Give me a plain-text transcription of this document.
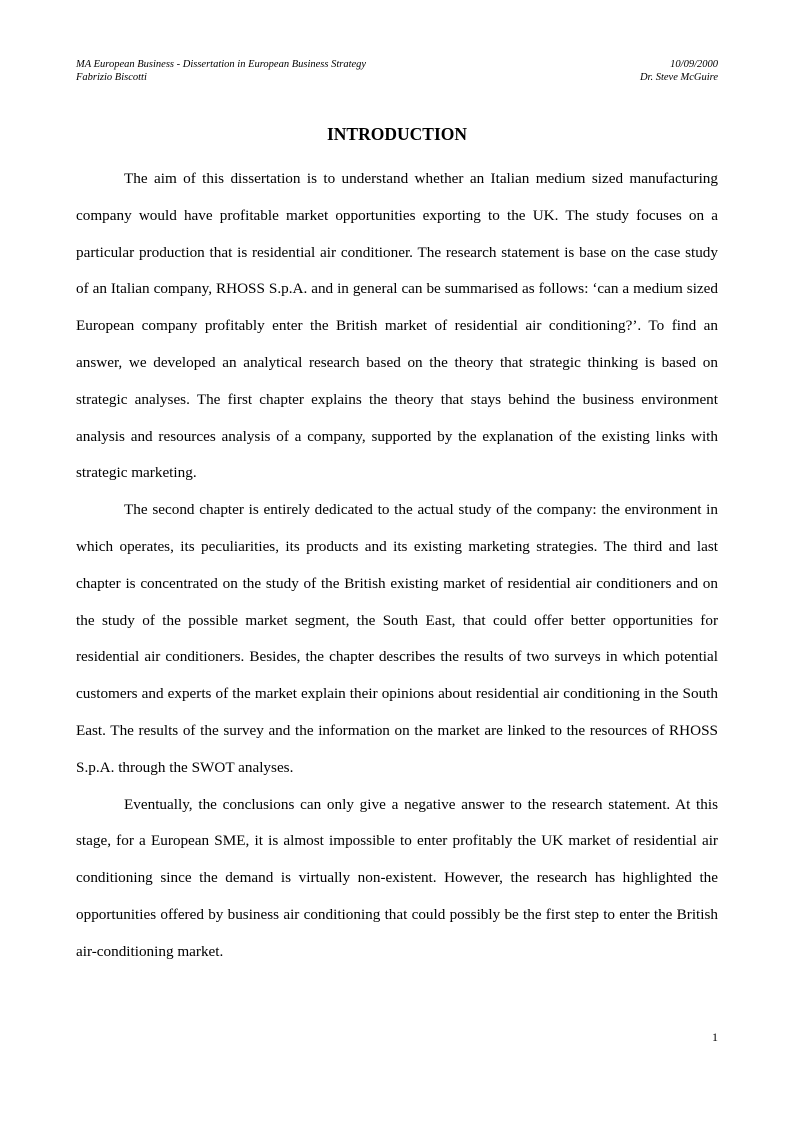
MA European Business - Dissertation in European Business Strategy	10/09/2000
Fabrizio Biscotti	Dr. Steve McGuire
INTRODUCTION

The aim of this dissertation is to understand whether an Italian medium sized manufacturing company would have profitable market opportunities exporting to the UK. The study focuses on a particular production that is residential air conditioner. The research statement is base on the case study of an Italian company, RHOSS S.p.A. and in general can be summarised as follows: ‘can a medium sized European company profitably enter the British market of residential air conditioning?’. To find an answer, we developed an analytical research based on the theory that strategic thinking is based on strategic analyses. The first chapter explains the theory that stays behind the business environment analysis and resources analysis of a company, supported by the explanation of the existing links with strategic marketing.

The second chapter is entirely dedicated to the actual study of the company: the environment in which operates, its peculiarities, its products and its existing marketing strategies. The third and last chapter is concentrated on the study of the British existing market of residential air conditioners and on the study of the possible market segment, the South East, that could offer better opportunities for residential air conditioners. Besides, the chapter describes the results of two surveys in which potential customers and experts of the market explain their opinions about residential air conditioning in the South East. The results of the survey and the information on the market are linked to the resources of RHOSS S.p.A. through the SWOT analyses.

Eventually, the conclusions can only give a negative answer to the research statement. At this stage, for a European SME, it is almost impossible to enter profitably the UK market of residential air conditioning since the demand is virtually non-existent. However, the research has highlighted the opportunities offered by business air conditioning that could possibly be the first step to enter the British air-conditioning market.

1
